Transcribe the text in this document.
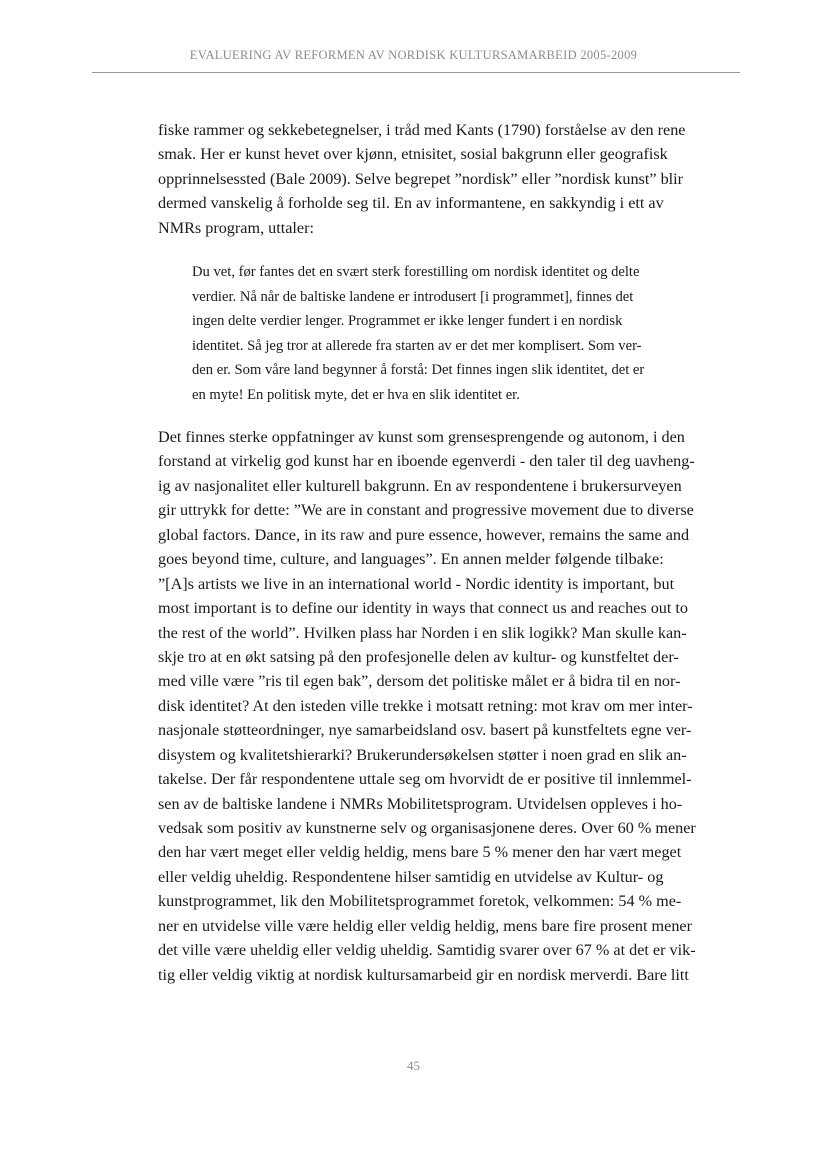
EVALUERING AV REFORMEN AV NORDISK KULTURSAMARBEID 2005-2009
fiske rammer og sekkebetegnelser, i tråd med Kants (1790) forståelse av den rene
smak. Her er kunst hevet over kjønn, etnisitet, sosial bakgrunn eller geografisk
opprinnelsessted (Bale 2009). Selve begrepet ”nordisk” eller ”nordisk kunst” blir
dermed vanskelig å forholde seg til. En av informantene, en sakkyndig i ett av
NMRs program, uttaler:
Du vet, før fantes det en svært sterk forestilling om nordisk identitet og delte
verdier. Nå når de baltiske landene er introdusert [i programmet], finnes det
ingen delte verdier lenger. Programmet er ikke lenger fundert i en nordisk
identitet. Så jeg tror at allerede fra starten av er det mer komplisert. Som ver-
den er. Som våre land begynner å forstå: Det finnes ingen slik identitet, det er
en myte! En politisk myte, det er hva en slik identitet er.
Det finnes sterke oppfatninger av kunst som grensesprengende og autonom, i den
forstand at virkelig god kunst har en iboende egenverdi - den taler til deg uavheng-
ig av nasjonalitet eller kulturell bakgrunn. En av respondentene i brukersurveyen
gir uttrykk for dette: ”We are in constant and progressive movement due to diverse
global factors. Dance, in its raw and pure essence, however, remains the same and
goes beyond time, culture, and languages”. En annen melder følgende tilbake:
”[A]s artists we live in an international world - Nordic identity is important, but
most important is to define our identity in ways that connect us and reaches out to
the rest of the world”. Hvilken plass har Norden i en slik logikk? Man skulle kan-
skje tro at en økt satsing på den profesjonelle delen av kultur- og kunstfeltet der-
med ville være ”ris til egen bak”, dersom det politiske målet er å bidra til en nor-
disk identitet? At den isteden ville trekke i motsatt retning: mot krav om mer inter-
nasjonale støtteordninger, nye samarbeidsland osv. basert på kunstfeltets egne ver-
disystem og kvalitetshierarki? Brukerundersøkelsen støtter i noen grad en slik an-
takelse. Der får respondentene uttale seg om hvorvidt de er positive til innlemmel-
sen av de baltiske landene i NMRs Mobilitetsprogram. Utvidelsen oppleves i ho-
vedsak som positiv av kunstnerne selv og organisasjonene deres. Over 60 % mener
den har vært meget eller veldig heldig, mens bare 5 % mener den har vært meget
eller veldig uheldig. Respondentene hilser samtidig en utvidelse av Kultur- og
kunstprogrammet, lik den Mobilitetsprogrammet foretok, velkommen: 54 % me-
ner en utvidelse ville være heldig eller veldig heldig, mens bare fire prosent mener
det ville være uheldig eller veldig uheldig. Samtidig svarer over 67 % at det er vik-
tig eller veldig viktig at nordisk kultursamarbeid gir en nordisk merverdi. Bare litt
45
